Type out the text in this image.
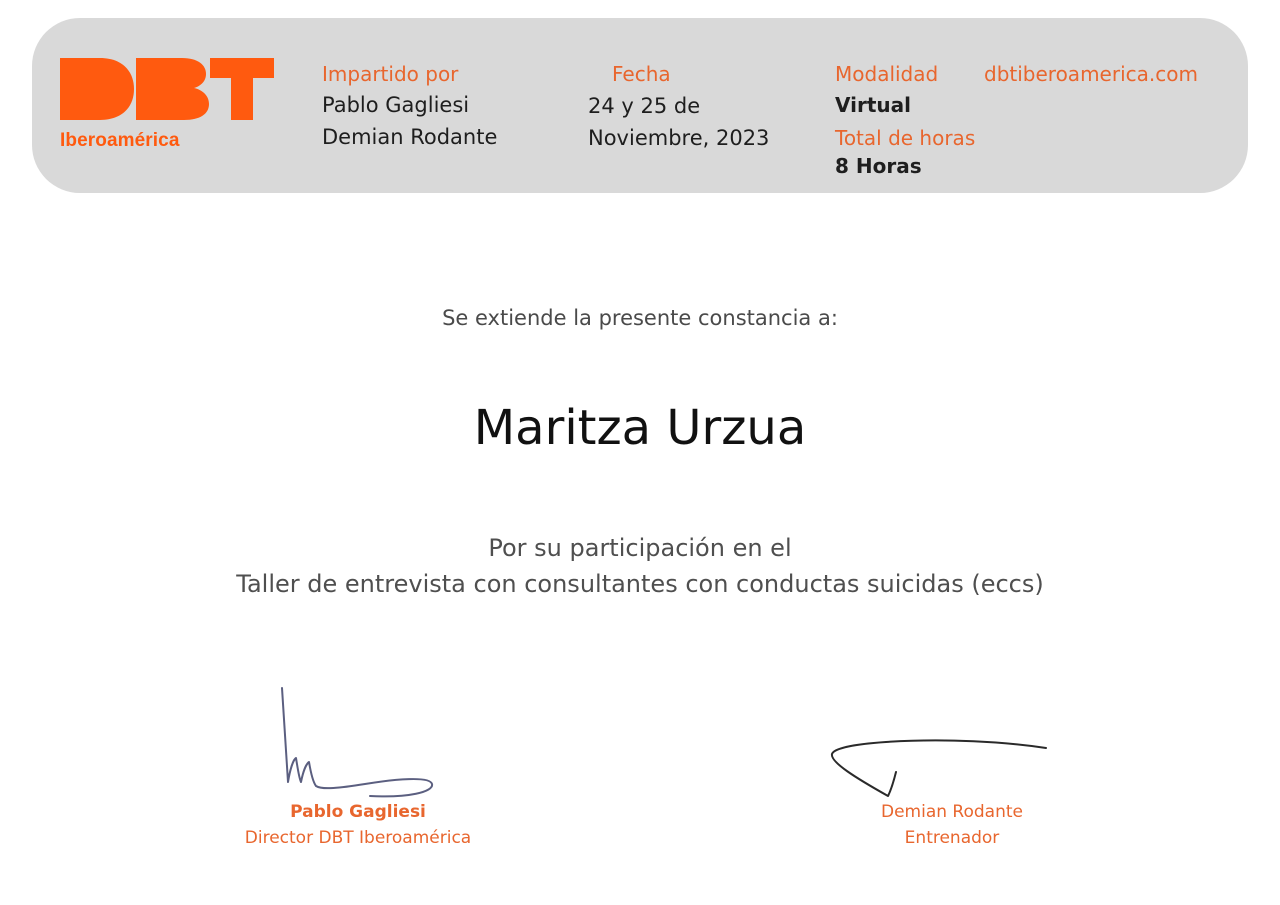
Iberoamérica
Impartido por
Pablo Gagliesi
Demian Rodante
Fecha
24 y 25 de
Noviembre, 2023
Modalidad
Virtual
Total de horas
8 Horas
dbtiberoamerica.com
Se extiende la presente constancia a:
Maritza Urzua
Por su participación en el
Taller de entrevista con consultantes con conductas suicidas (eccs)
Pablo Gagliesi
Director DBT Iberoamérica
Demian Rodante
Entrenador
